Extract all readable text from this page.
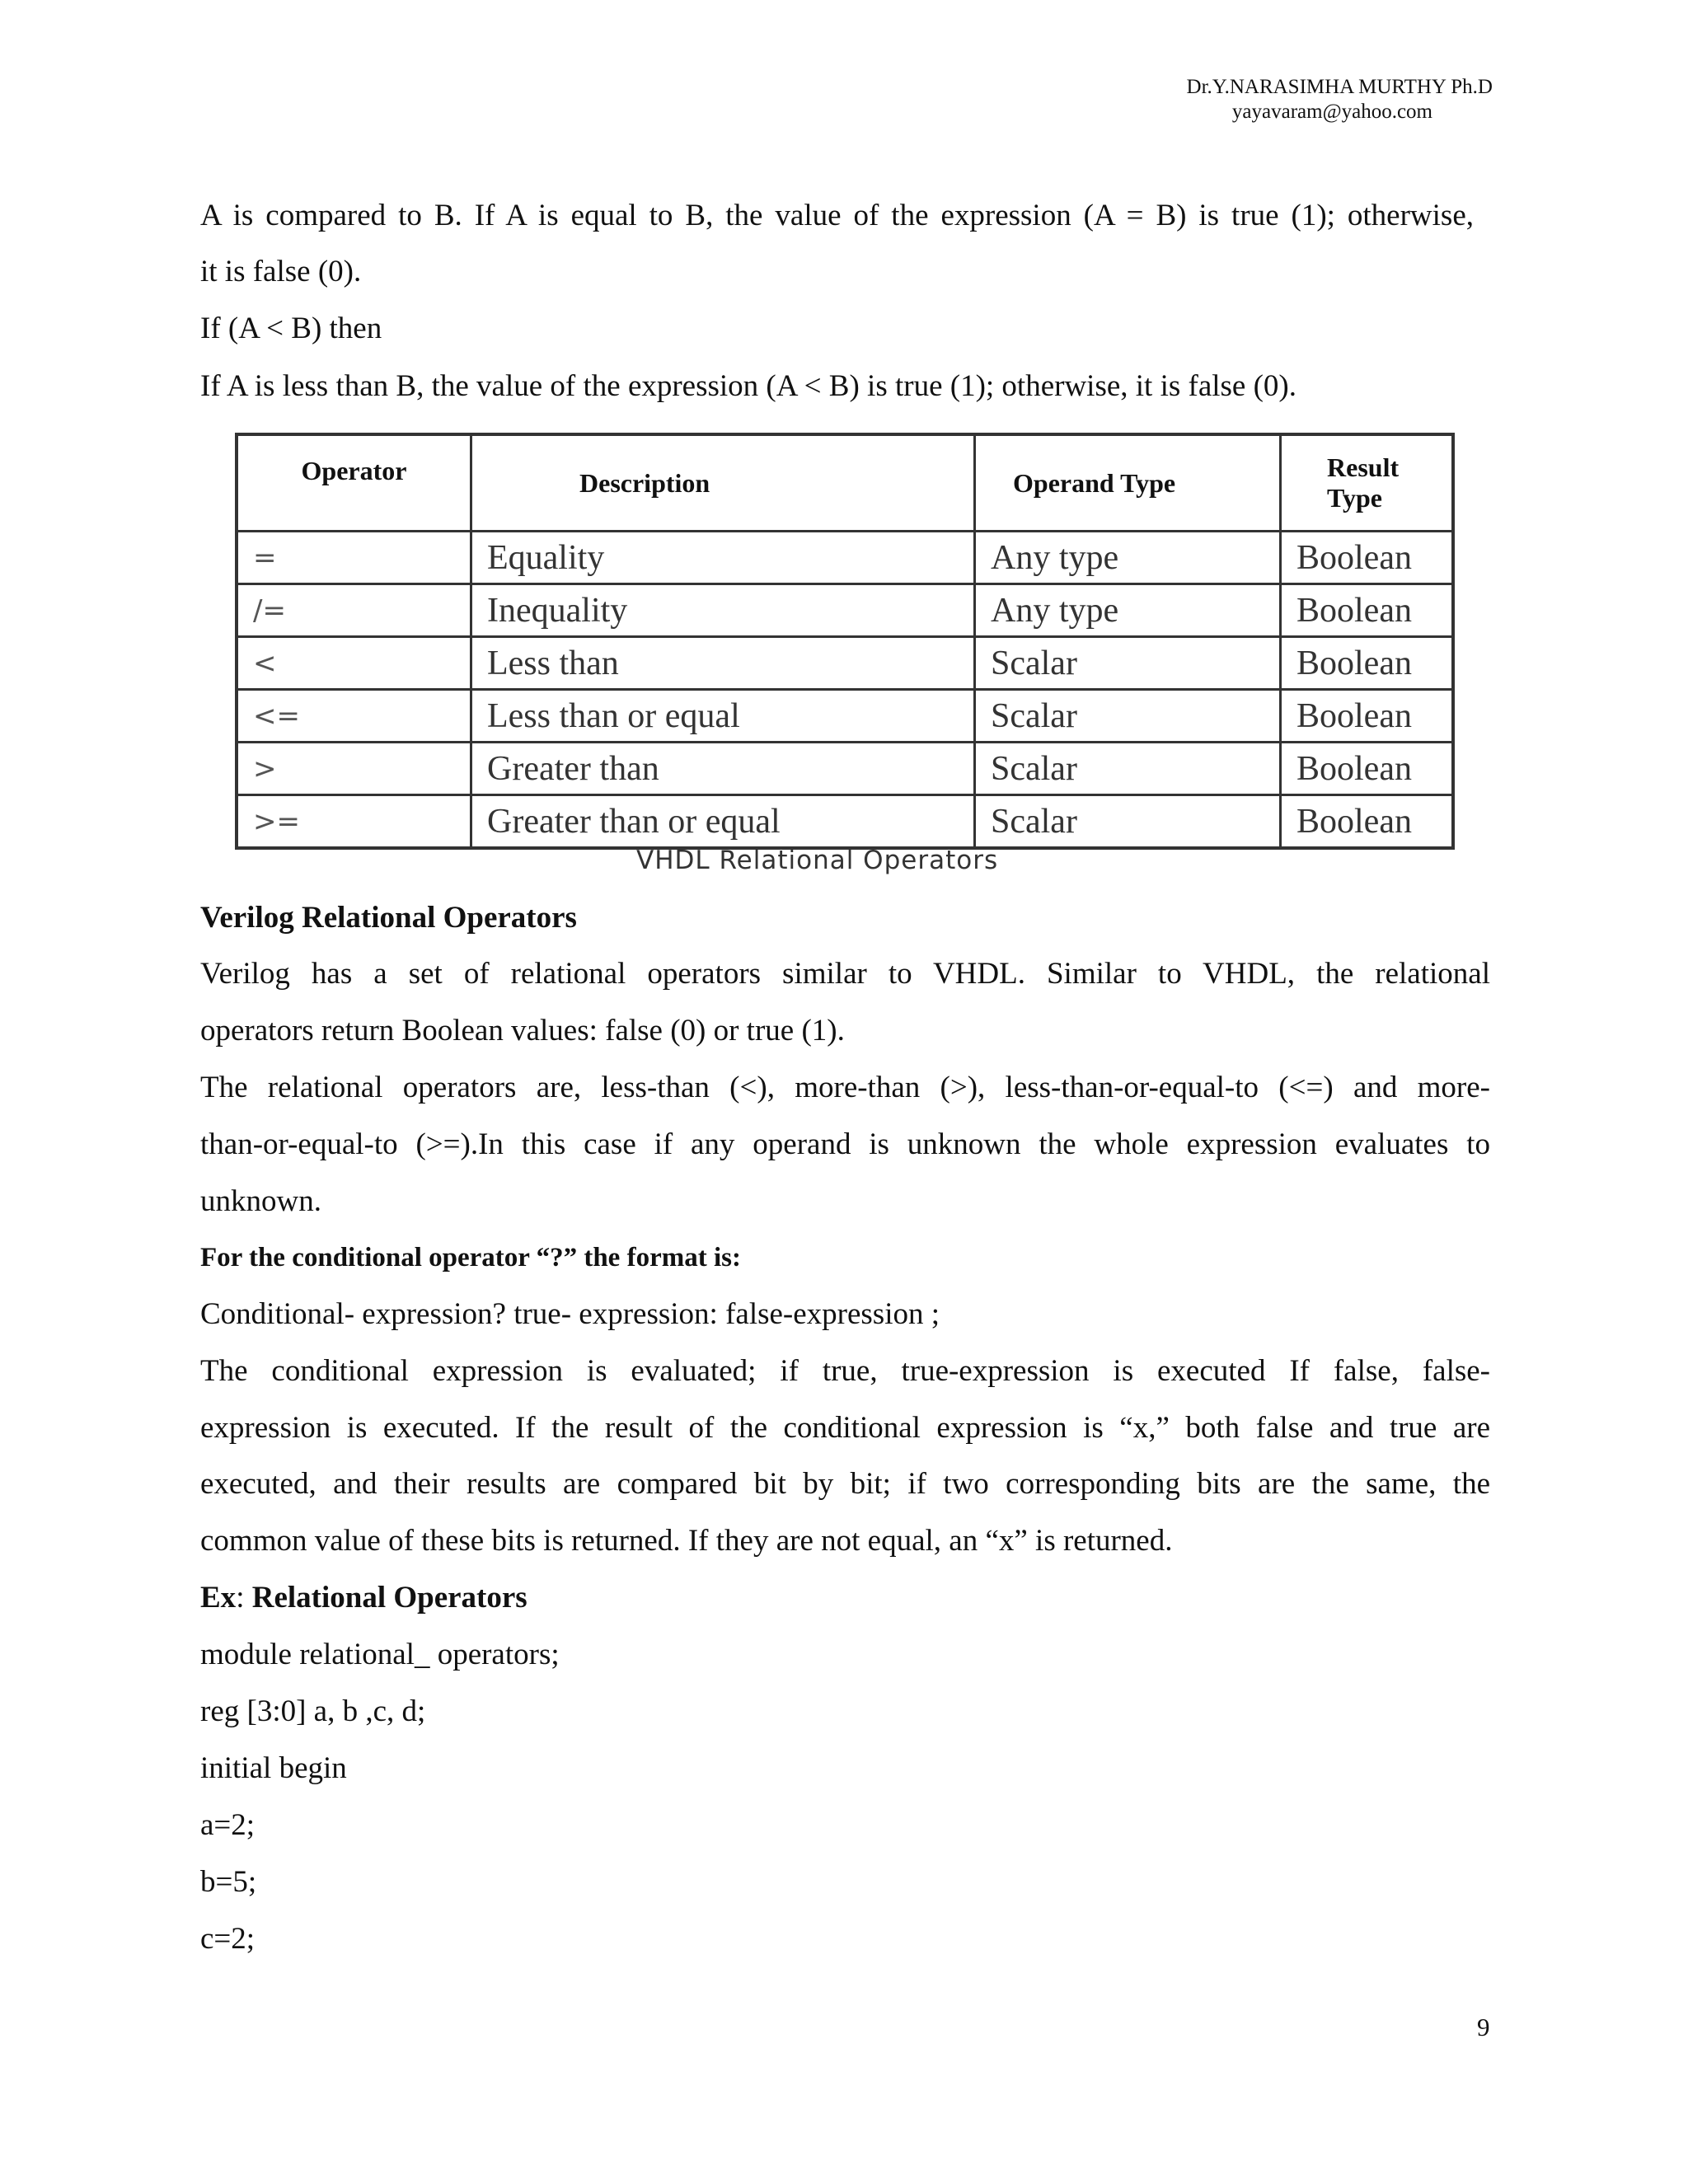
Dr.Y.NARASIMHA MURTHY Ph.D
yayavaram@yahoo.com
A is compared to B. If A is equal to B, the value of the expression (A = B) is true (1); otherwise,
it is false (0).
If (A < B) then
If A is less than B, the value of the expression (A < B) is true (1); otherwise, it is false (0).
Operator	Description	Operand Type	Result Type
=	Equality	Any type	Boolean
/=	Inequality	Any type	Boolean
<	Less than	Scalar	Boolean
<=	Less than or equal	Scalar	Boolean
>	Greater than	Scalar	Boolean
>=	Greater than or equal	Scalar	Boolean
VHDL Relational Operators
Verilog Relational Operators
Verilog has a set of relational operators similar to VHDL. Similar to VHDL, the relational
operators return Boolean values: false (0) or true (1).
The relational operators are, less-than (<), more-than (>), less-than-or-equal-to (<=) and more-
than-or-equal-to (>=).In this case if any operand is unknown the whole expression evaluates to
unknown.
For the conditional operator “?” the format is:
Conditional- expression? true- expression: false-expression ;
The conditional expression is evaluated; if true, true-expression is executed If false, false-
expression is executed. If the result of the conditional expression is “x,” both false and true are
executed, and their results are compared bit by bit; if two corresponding bits are the same, the
common value of these bits is returned. If they are not equal, an “x” is returned.
Ex: Relational Operators
module relational_ operators;
reg [3:0] a, b ,c, d;
initial begin
a=2;
b=5;
c=2;
9
